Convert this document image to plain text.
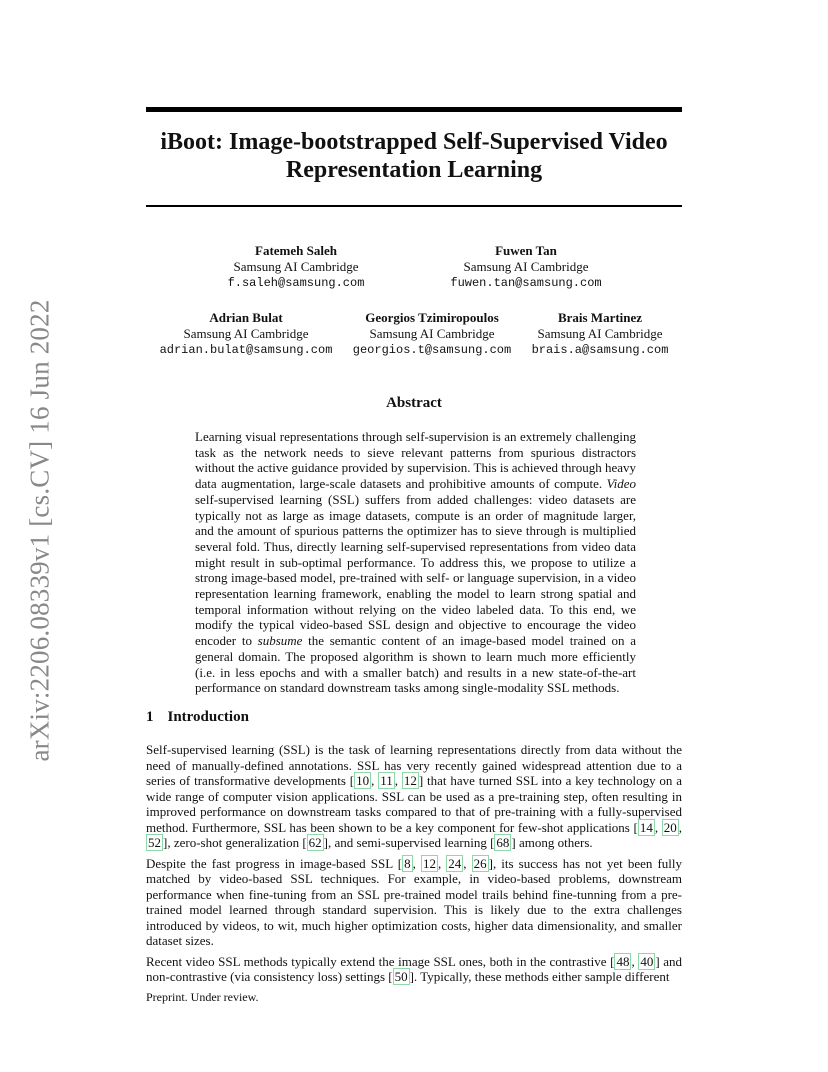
arXiv:2206.08339v1 [cs.CV] 16 Jun 2022
iBoot: Image-bootstrapped Self-Supervised Video
Representation Learning
Fatemeh Saleh
Samsung AI Cambridge
f.saleh@samsung.com
Fuwen Tan
Samsung AI Cambridge
fuwen.tan@samsung.com
Adrian Bulat
Samsung AI Cambridge
adrian.bulat@samsung.com
Georgios Tzimiropoulos
Samsung AI Cambridge
georgios.t@samsung.com
Brais Martinez
Samsung AI Cambridge
brais.a@samsung.com
Abstract
Learning visual representations through self-supervision is an extremely challenging task as the network needs to sieve relevant patterns from spurious distractors without the active guidance provided by supervision. This is achieved through heavy data augmentation, large-scale datasets and prohibitive amounts of compute. Video self-supervised learning (SSL) suffers from added challenges: video datasets are typically not as large as image datasets, compute is an order of magnitude larger, and the amount of spurious patterns the optimizer has to sieve through is multiplied several fold. Thus, directly learning self-supervised representations from video data might result in sub-optimal performance. To address this, we propose to utilize a strong image-based model, pre-trained with self- or language supervision, in a video representation learning framework, enabling the model to learn strong spatial and temporal information without relying on the video labeled data. To this end, we modify the typical video-based SSL design and objective to encourage the video encoder to subsume the semantic content of an image-based model trained on a general domain. The proposed algorithm is shown to learn much more efficiently (i.e. in less epochs and with a smaller batch) and results in a new state-of-the-art performance on standard downstream tasks among single-modality SSL methods.
1 Introduction

Self-supervised learning (SSL) is the task of learning representations directly from data without the need of manually-defined annotations. SSL has very recently gained widespread attention due to a series of transformative developments [ 10 , 11 , 12 ] that have turned SSL into a key technology on a wide range of computer vision applications. SSL can be used as a pre-training step, often resulting in improved performance on downstream tasks compared to that of pre-training with a fully-supervised method. Furthermore, SSL has been shown to be a key component for few-shot applications [ 14 , 20 , 52 ], zero-shot generalization [ 62 ], and semi-supervised learning [ 68 ] among others.

Despite the fast progress in image-based SSL [ 8 , 12 , 24 , 26 ], its success has not yet been fully matched by video-based SSL techniques. For example, in video-based problems, downstream performance when fine-tuning from an SSL pre-trained model trails behind fine-tunning from a pre-trained model learned through standard supervision. This is likely due to the extra challenges introduced by videos, to wit, much higher optimization costs, higher data dimensionality, and smaller dataset sizes.

Recent video SSL methods typically extend the image SSL ones, both in the contrastive [ 48 , 40 ] and non-contrastive (via consistency loss) settings [ 50 ]. Typically, these methods either sample different

Preprint. Under review.
